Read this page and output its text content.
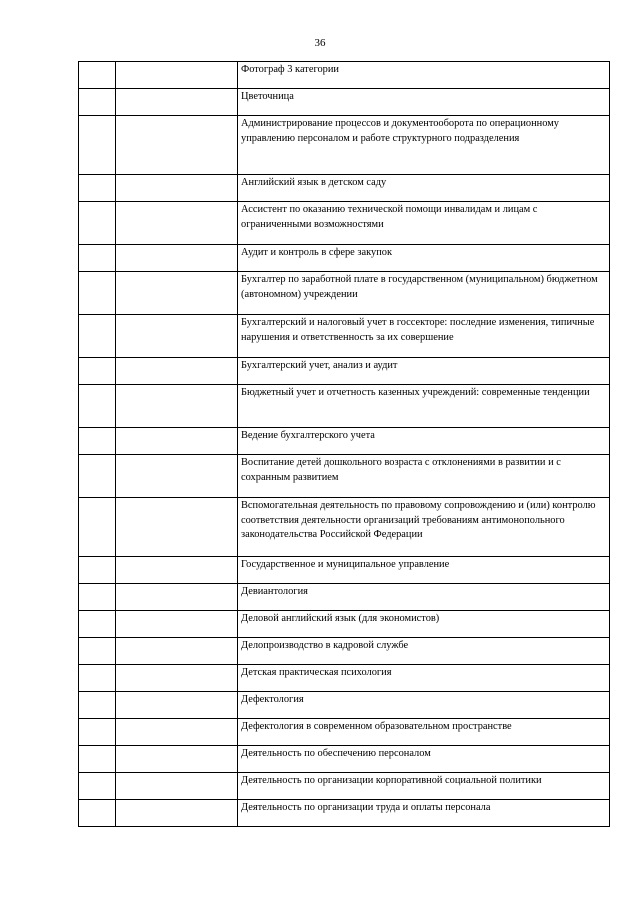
36
		Фотограф 3 категории
		Цветочница
		Администрирование процессов и документооборота по операционному управлению персоналом и работе структурного подразделения
		Английский язык в детском саду
		Ассистент по оказанию технической помощи инвалидам и лицам с ограниченными возможностями
		Аудит и контроль в сфере закупок
		Бухгалтер по заработной плате в государственном (муниципальном) бюджетном (автономном) учреждении
		Бухгалтерский и налоговый учет в госсекторе: последние изменения, типичные нарушения и ответственность за их совершение
		Бухгалтерский учет, анализ и аудит
		Бюджетный учет и отчетность казенных учреждений: современные тенденции
		Ведение бухгалтерского учета
		Воспитание детей дошкольного возраста с отклонениями в развитии и с сохранным развитием
		Вспомогательная деятельность по правовому сопровождению и (или) контролю соответствия деятельности организаций требованиям антимонопольного законодательства Российской Федерации
		Государственное и муниципальное управление
		Девиантология
		Деловой английский язык (для экономистов)
		Делопроизводство в кадровой службе
		Детская практическая психология
		Дефектология
		Дефектология в современном образовательном пространстве
		Деятельность по обеспечению персоналом
		Деятельность по организации корпоративной социальной политики
		Деятельность по организации труда и оплаты персонала
